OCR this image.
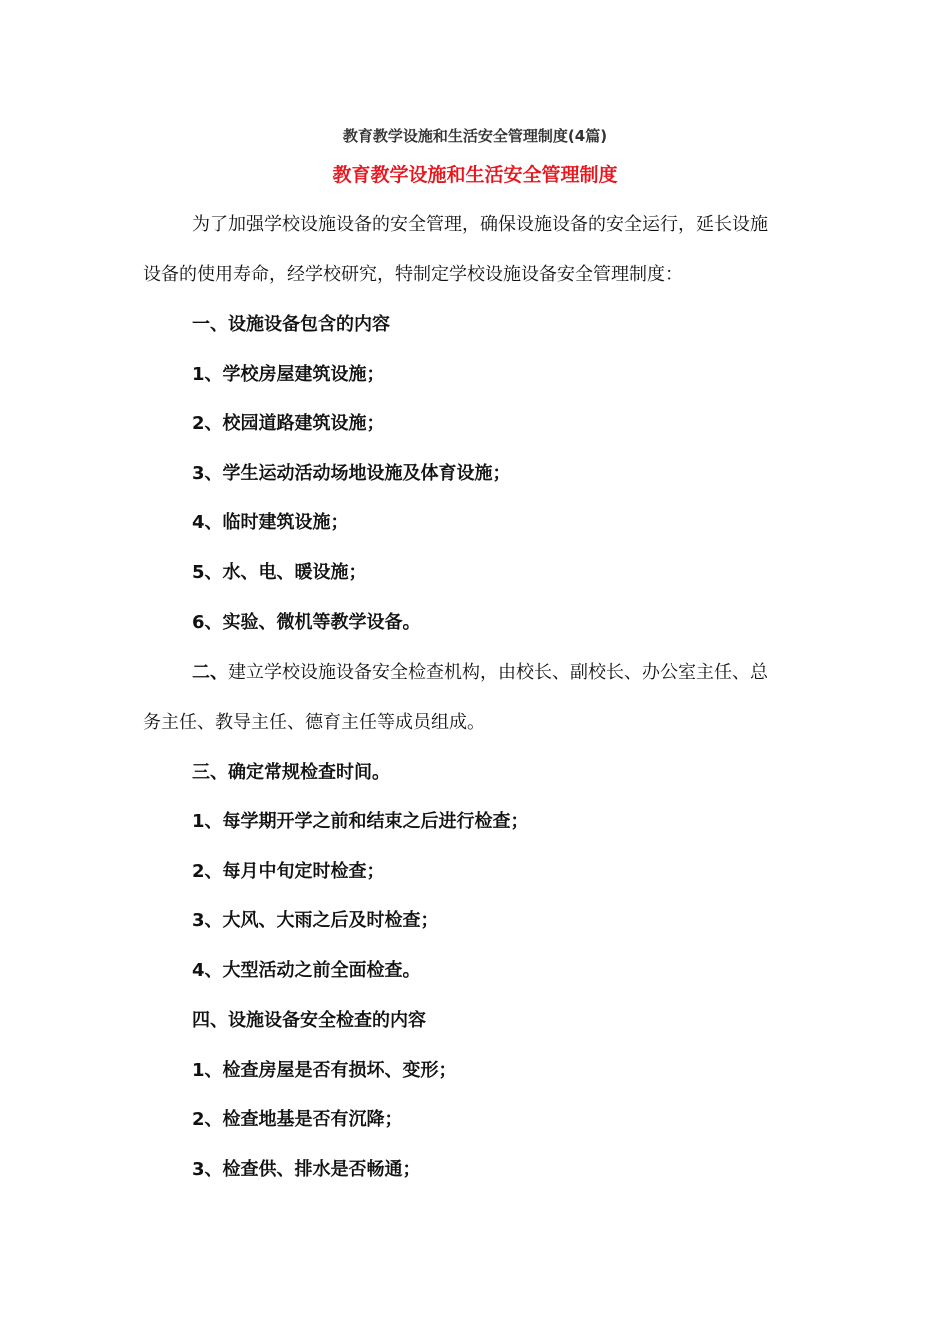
教育教学设施和生活安全管理制度(4篇)
教育教学设施和生活安全管理制度
为了加强学校设施设备的安全管理，确保设施设备的安全运行，延长设施
设备的使用寿命，经学校研究，特制定学校设施设备安全管理制度：
一、设施设备包含的内容
1、学校房屋建筑设施；
2、校园道路建筑设施；
3、学生运动活动场地设施及体育设施；
4、临时建筑设施；
5、水、电、暖设施；
6、实验、微机等教学设备。
二、建立学校设施设备安全检查机构，由校长、副校长、办公室主任、总
务主任、教导主任、德育主任等成员组成。
三、确定常规检查时间。
1、每学期开学之前和结束之后进行检查；
2、每月中旬定时检查；
3、大风、大雨之后及时检查；
4、大型活动之前全面检查。
四、设施设备安全检查的内容
1、检查房屋是否有损坏、变形；
2、检查地基是否有沉降；
3、检查供、排水是否畅通；
